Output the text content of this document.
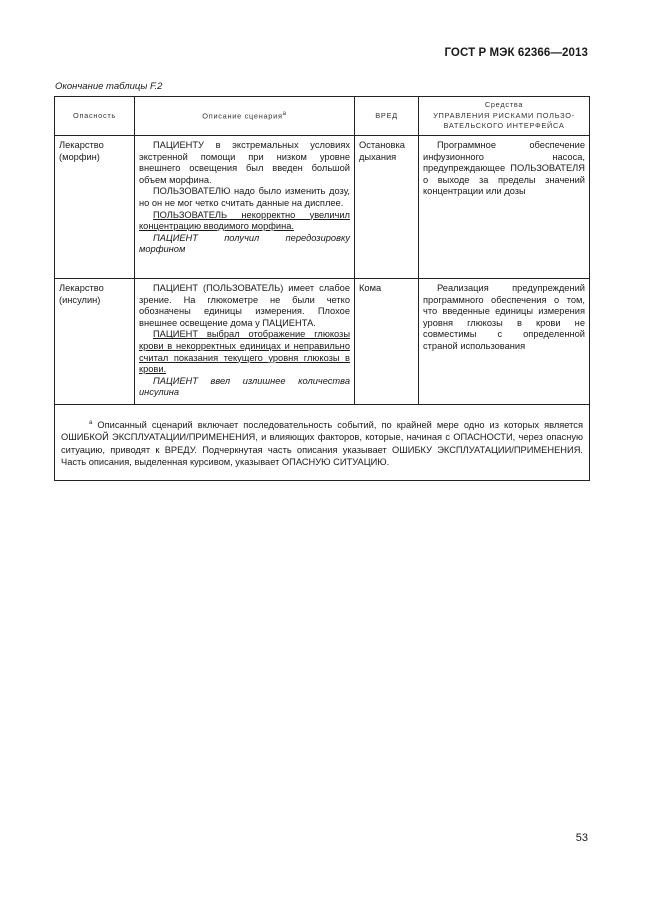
ГОСТ Р МЭК 62366—2013
Окончание таблицы F.2
Опасность	Описание сценария$^a$	ВРЕД	Средства
УПРАВЛЕНИЯ РИСКАМИ ПОЛЬЗО-
ВАТЕЛЬСКОГО ИНТЕРФЕЙСА

Лекарство (морфин)	ПАЦИЕНТУ в экстремальных условиях экстренной помощи при низком уровне внешнего освещения был введен большой объем морфина.
ПОЛЬЗОВАТЕЛЮ надо было изменить дозу, но он не мог четко считать данные на дисплее.
ПОЛЬЗОВАТЕЛЬ некорректно увеличил концентрацию вводимого морфина.
ПАЦИЕНТ получил передозировку морфином	Остановка дыхания	Программное обеспечение инфузионного насоса, предупреждающее ПОЛЬЗОВАТЕЛЯ о выходе за пределы значений концентрации или дозы

Лекарство (инсулин)	ПАЦИЕНТ (ПОЛЬЗОВАТЕЛЬ) имеет слабое зрение. На глюкометре не были четко обозначены единицы измерения. Плохое внешнее освещение дома у ПАЦИЕНТА.
ПАЦИЕНТ выбрал отображение глюкозы крови в некорректных единицах и неправильно считал показания текущего уровня глюкозы в крови.
ПАЦИЕНТ ввел излишнее количества инсулина	Кома	Реализация предупреждений программного обеспечения о том, что введенные единицы измерения уровня глюкозы в крови не совместимы с определенной страной использования

$^a$ Описанный сценарий включает последовательность событий, по крайней мере одно из которых является ОШИБКОЙ ЭКСПЛУАТАЦИИ/ПРИМЕНЕНИЯ, и влияющих факторов, которые, начиная с ОПАСНОСТИ, через опасную ситуацию, приводят к ВРЕДУ. Подчеркнутая часть описания указывает ОШИБКУ ЭКСПЛУАТАЦИИ/ПРИМЕНЕНИЯ. Часть описания, выделенная курсивом, указывает ОПАСНУЮ СИТУАЦИЮ.			
53
